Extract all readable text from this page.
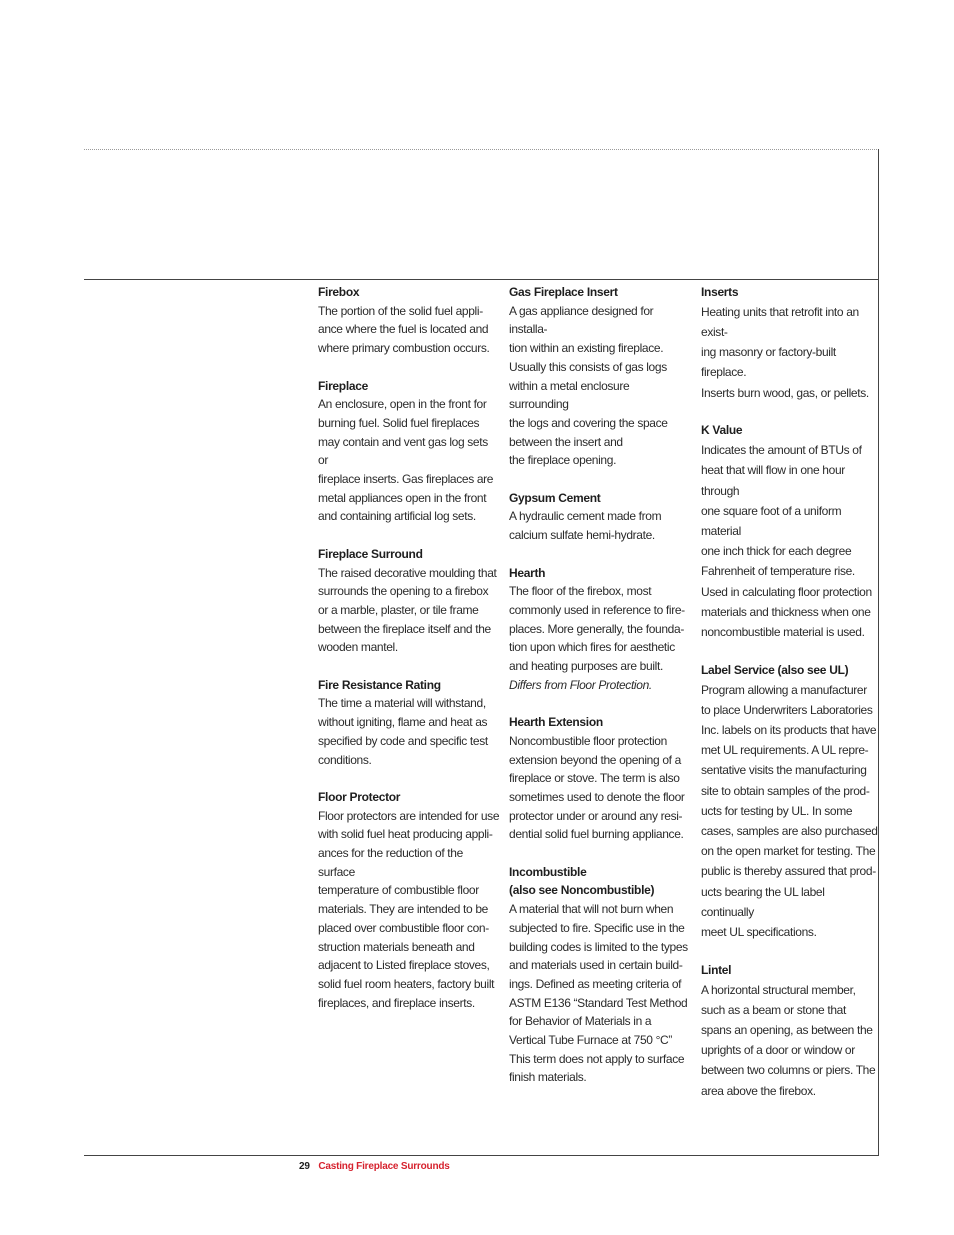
Firebox
The portion of the solid fuel appli-
ance where the fuel is located and
where primary combustion occurs.
Fireplace
An enclosure, open in the front for
burning fuel. Solid fuel fireplaces
may contain and vent gas log sets or
fireplace inserts. Gas fireplaces are
metal appliances open in the front
and containing artificial log sets.
Fireplace Surround
The raised decorative moulding that
surrounds the opening to a firebox
or a marble, plaster, or tile frame
between the fireplace itself and the
wooden mantel.
Fire Resistance Rating
The time a material will withstand,
without igniting, flame and heat as
specified by code and specific test
conditions.
Floor Protector
Floor protectors are intended for use
with solid fuel heat producing appli-
ances for the reduction of the surface
temperature of combustible floor
materials. They are intended to be
placed over combustible floor con-
struction materials beneath and
adjacent to Listed fireplace stoves,
solid fuel room heaters, factory built
fireplaces, and fireplace inserts.
Gas Fireplace Insert
A gas appliance designed for installa-
tion within an existing fireplace.
Usually this consists of gas logs
within a metal enclosure surrounding
the logs and covering the space
between the insert and
the fireplace opening.
Gypsum Cement
A hydraulic cement made from
calcium sulfate hemi-hydrate.
Hearth
The floor of the firebox, most
commonly used in reference to fire-
places. More generally, the founda-
tion upon which fires for aesthetic
and heating purposes are built.
Differs from Floor Protection.
Hearth Extension
Noncombustible floor protection
extension beyond the opening of a
fireplace or stove. The term is also
sometimes used to denote the floor
protector under or around any resi-
dential solid fuel burning appliance.
Incombustible
(also see Noncombustible)
A material that will not burn when
subjected to fire. Specific use in the
building codes is limited to the types
and materials used in certain build-
ings. Defined as meeting criteria of
ASTM E136 “Standard Test Method
for Behavior of Materials in a
Vertical Tube Furnace at 750 °C”
This term does not apply to surface
finish materials.
Inserts
Heating units that retrofit into an exist-
ing masonry or factory-built fireplace.
Inserts burn wood, gas, or pellets.
K Value
Indicates the amount of BTUs of
heat that will flow in one hour through
one square foot of a uniform material
one inch thick for each degree
Fahrenheit of temperature rise.
Used in calculating floor protection
materials and thickness when one
noncombustible material is used.
Label Service (also see UL)
Program allowing a manufacturer
to place Underwriters Laboratories
Inc. labels on its products that have
met UL requirements. A UL repre-
sentative visits the manufacturing
site to obtain samples of the prod-
ucts for testing by UL. In some
cases, samples are also purchased
on the open market for testing. The
public is thereby assured that prod-
ucts bearing the UL label continually
meet UL specifications.
Lintel
A horizontal structural member,
such as a beam or stone that
spans an opening, as between the
uprights of a door or window or
between two columns or piers. The
area above the firebox.
29 Casting Fireplace Surrounds
